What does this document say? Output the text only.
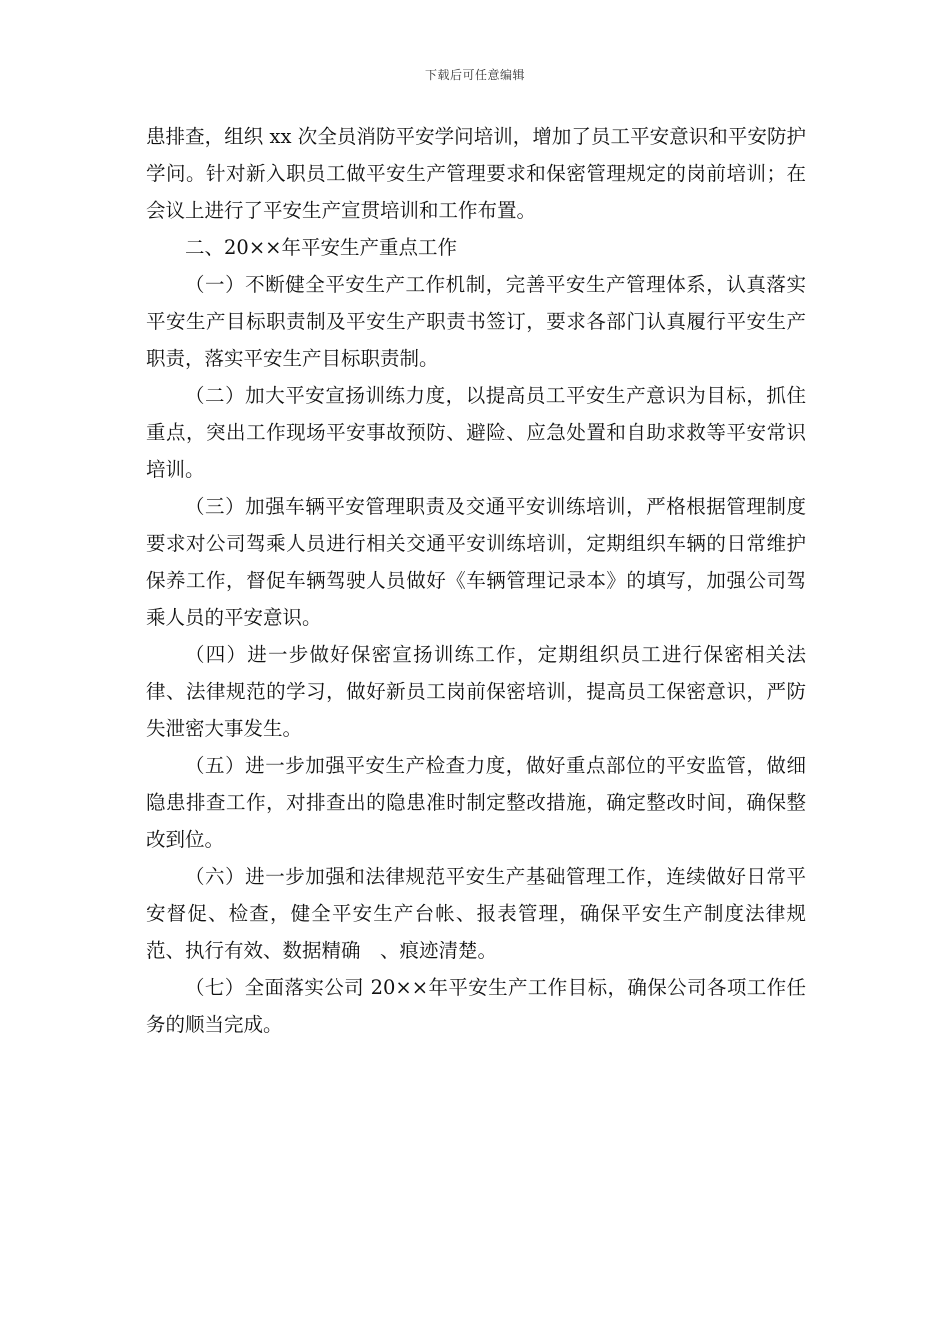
下载后可任意编辑

患排查，组织 xx 次全员消防平安学问培训，增加了员工平安意识和平安防护学问。针对新入职员工做平安生产管理要求和保密管理规定的岗前培训；在会议上进行了平安生产宣贯培训和工作布置。

二、20××年平安生产重点工作

（一）不断健全平安生产工作机制，完善平安生产管理体系，认真落实平安生产目标职责制及平安生产职责书签订，要求各部门认真履行平安生产职责，落实平安生产目标职责制。

（二）加大平安宣扬训练力度，以提高员工平安生产意识为目标，抓住重点，突出工作现场平安事故预防、避险、应急处置和自助求救等平安常识培训。

（三）加强车辆平安管理职责及交通平安训练培训，严格根据管理制度要求对公司驾乘人员进行相关交通平安训练培训，定期组织车辆的日常维护保养工作，督促车辆驾驶人员做好《车辆管理记录本》的填写，加强公司驾乘人员的平安意识。

（四）进一步做好保密宣扬训练工作，定期组织员工进行保密相关法律、法律规范的学习，做好新员工岗前保密培训，提高员工保密意识，严防失泄密大事发生。

（五）进一步加强平安生产检查力度，做好重点部位的平安监管，做细隐患排查工作，对排查出的隐患准时制定整改措施，确定整改时间，确保整改到位。

（六）进一步加强和法律规范平安生产基础管理工作，连续做好日常平安督促、检查，健全平安生产台帐、报表管理，确保平安生产制度法律规范、执行有效、数据精确　、痕迹清楚。

（七）全面落实公司 20××年平安生产工作目标，确保公司各项工作任务的顺当完成。
